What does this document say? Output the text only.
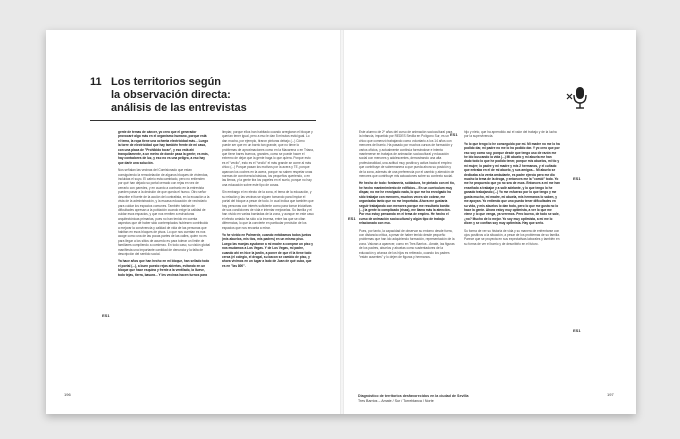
11 Los territorios según
la observación directa:
análisis de las entrevistas

gente de temas de cáncer, yo creo que el generador provocaré algo más en el organismo humano, porque está el tema, la ropa tiene una ochenta electricidad más... Luego la torre de electricidad que hay también frente de mi casa, con una placa de "Prohibido tocar", y eso está ahí tranquilamente, a un metro de donde pasa la gente; es más, hay contadores de luz, y eso no es una peligro, a eso hay que darle una solución.

Nos señalan las vecinas del Comisionado que estan consiguiendo la remodelación de algunos bloques de viviendas, incluidas el suyo. El cabrío esta cambiado, pero no entienden por qué han dejado su portal cerrado con rejas en vez de cerrarlo con paredes, y en cuanto a contrario en la entrevista pueden pasar a la decisión de que queda el hueco. Otro señor describe el fuerte de la acción del contratista, en la ecuación a la vista de la administración, y la escasa educación de vecindario para cuidar los espacios comunes. También hablan de dificultades apresan a la población cuando exige la calidad de cuidar esos espacios, y que nos remiten a estructuras arquitectónicas primarias, pues no han tenido en cuenta aspectos que dé haber sido contemplados hubiesen contribuido a mejorar la convivencia y calidad de vida de las personas que habitan en esos bloques de pisos. Lo que nos cuentan es nos acoge como una de las pocas partes de las calles, quien no es para llegar a los sitios de acuerdo es para tolerar un limite de familiares cumpliendo a comienzo. En todo caso, su visión global manifiesta una importante cantidad de denuncia y la falta de descripción del sentido social.

Ya hace años que han hecho en mi bloque, han sellado todo el portal (...), a buen puesto rejas abiertas, evitando en un bloque que hace esquina y frente a la ventilado, la llueve, todo tejas, tierra, basura... Y les vecinas hacen turnos para

limpiar, porque ellos han habitado cuando arreglaron el bloque y querían tener igual, pero a eso le dan 5 minutos está igual. Lo dan mucha, por ejemplo, tiraron pinturas debajo (...) Cómo puede ser que en un barrio tan grande, que no tiene lo problemas de aproximaciones como en la Macarena o en Triana, que tiene bares buenos, grandes, como se puede hacer el extremo de dejar que la gente haga lo que quiera. Porque esto es el "vecilo", esto es el "vecilo" el más grande se come al más chico (...) Porque pasan los motivos por la acera y TE, porque aparcan los coches en la acera, porque no saben respetar unas normas de convivencia básicas, los pequeños queriendo, o en las llenas, y la gente tira los papeles en el suelo, porque no hay una educación sobre este tipo de cosas.

Sin embargo el ex electo de la zona, el tema de la educación, y su relación y las vecinas se siguen tomando para limpiar el portal del bloque a pesar de todo. In cual indica que también que hay personas con interés suficiente como para tomar iniciativas de sus condiciones de vida e intentar mejorarlas. Su familia y el han vivido en varias barriadas de la zona, y aunque en este caso el efecto arriado ha sido a la inversa, entre las que se citan diferencias, lo que la convierte en particular precisión de los espacios que nos encanta a mirar.

Yo he vivido en Palmerde, cuando entábamos todos juntos (mis abuelos, mis tíos, mis padres) en un mismo piso. Luego las monjas ayudaron a mi madre a comprar un piso y nos mudamos a Los Vegas. Y de Los Vegas, mi padre, cuando ahí en hice la jardín, a poner de que él la tiene todo cerca (el colegio, el drogal, su bacon se cambio de piso, y ahora vivimos en un lugar a lado de Juan de qué cuba, que es en "las 800".

ES1
196

Este alumno de 2º años del curso de animación sociocultural para la infancia, impartido por REDES Sevilla en Polígono Sur, es un chico que comenzó trabajando como voluntario a los 14 años con menores del barrio. Ha pasado por muchos cursos de formación y varios oficios, y actualmente continúa formándose e intenta mantenerse en trabajos de animación sociocultural y educación social con menores y adolescentes, demostrando una alta profesionalidad, una actitud muy positiva y activa hacia el empleo que contribuye de sobremanera a que pueda ahora su posición y de la zona, además de una preferencia por el cambio y atención de menores que contribuye mis actuaciones sobre su contexto social.

He hecho de todo: fontanería, soldadura, he pintado con mi tío, he hecho mantenimiento de edificios... En un curriculum muy dispar, no me he enrolgado nada, lo que me ha enrolgado ha sido trabajar con menores, muchos veces sin cobrar, me organizaba tanto que no me importaba. Ahora me gustaría seguir trabajando con menores porque me resultaría bonito (...) la gente lo complicado (risas), me llama más la atención. Por eso estoy pensando en el tema de empleo. He hecho el curso de animación sociocultural y algún tipo de trabajo relacionado con eso.

Pues, por tanto, la capacidad de observar su entorno desde fuera, con distancia crítica, a pesar de haber tenido desde pequeño problemas que han ido adquiriendo formación, representación de la zona. Valoran a aparecer, como en Tres Barrios - Amate, las figuras de los padres, abuelos y abuelas como sustentadores de la educación y crianza de los hijos es reiterado, cuando los padres "están ausentes" y lo dejen de figuras y hermanos.

hijo y nieto, que ha aprendido así el valor del trabajo y de la lucha por la supervivencia.

Yo lo que tengo lo he conseguido por mí. Mi madre no me lo ha podido dar, mi padre no me lo ha podido dar. Y yo creo que por eso soy como soy, porque desde que tengo uso de razón me he ido buscando la vida (...) Mi abuelo y mi abuela me han dado todo lo que he podido tener, porque mis abuelos, mi tío y mi mujer; lo padre y mi madre y mis 2 hermanos, y el cuñado que entraba en el de mi abuelo, y sus amigos... Mi abuelo se dedicaba a la venta ambulante, es padre ejercía pero me dio mucho la tema de la droga, y entonces me la "comió" todo. Yo me he propuesto que yo no sea de esos. Entonces a mi me han enseñado a trabajar y a salir adelante, y lo que tengo lo he ganado trabajando (...) Yo me esfuerzo por lo que tengo y me gusta mucho, mi madre, mi abuela, mis hermanos lo saben, y me apoyan. Yo entiendo que uno pueda tener dificultades en su vida, y mis abuelos lo dan todo, pero lo que me gusta no lo hace la gente. Ahora estoy muy optimista, a ver lo que me viene y lo que venga, ya veremos. Pero bueno, de todo se sale, ¿no? Mucho de lo mejor. Yo soy muy optimista, a mí me lo dicen y se confían soy muy optimista. Hay que serlo.

Su forma de ver su historia de vida y su manera de enfrentarse con ojos positivos a la situación, a pesar de los problemas de su familia. Parece que se proyecta en sus expectativas laborales y también en su forma de ver el barrio y de describirlo en el futuro.

ES1
ES1
ES1
ES1
Diagnóstico de territorios desfavorecidos en la ciudad de Sevilla
Tres Barrios – Amate / Sur / Torreblanca / Norte
197
